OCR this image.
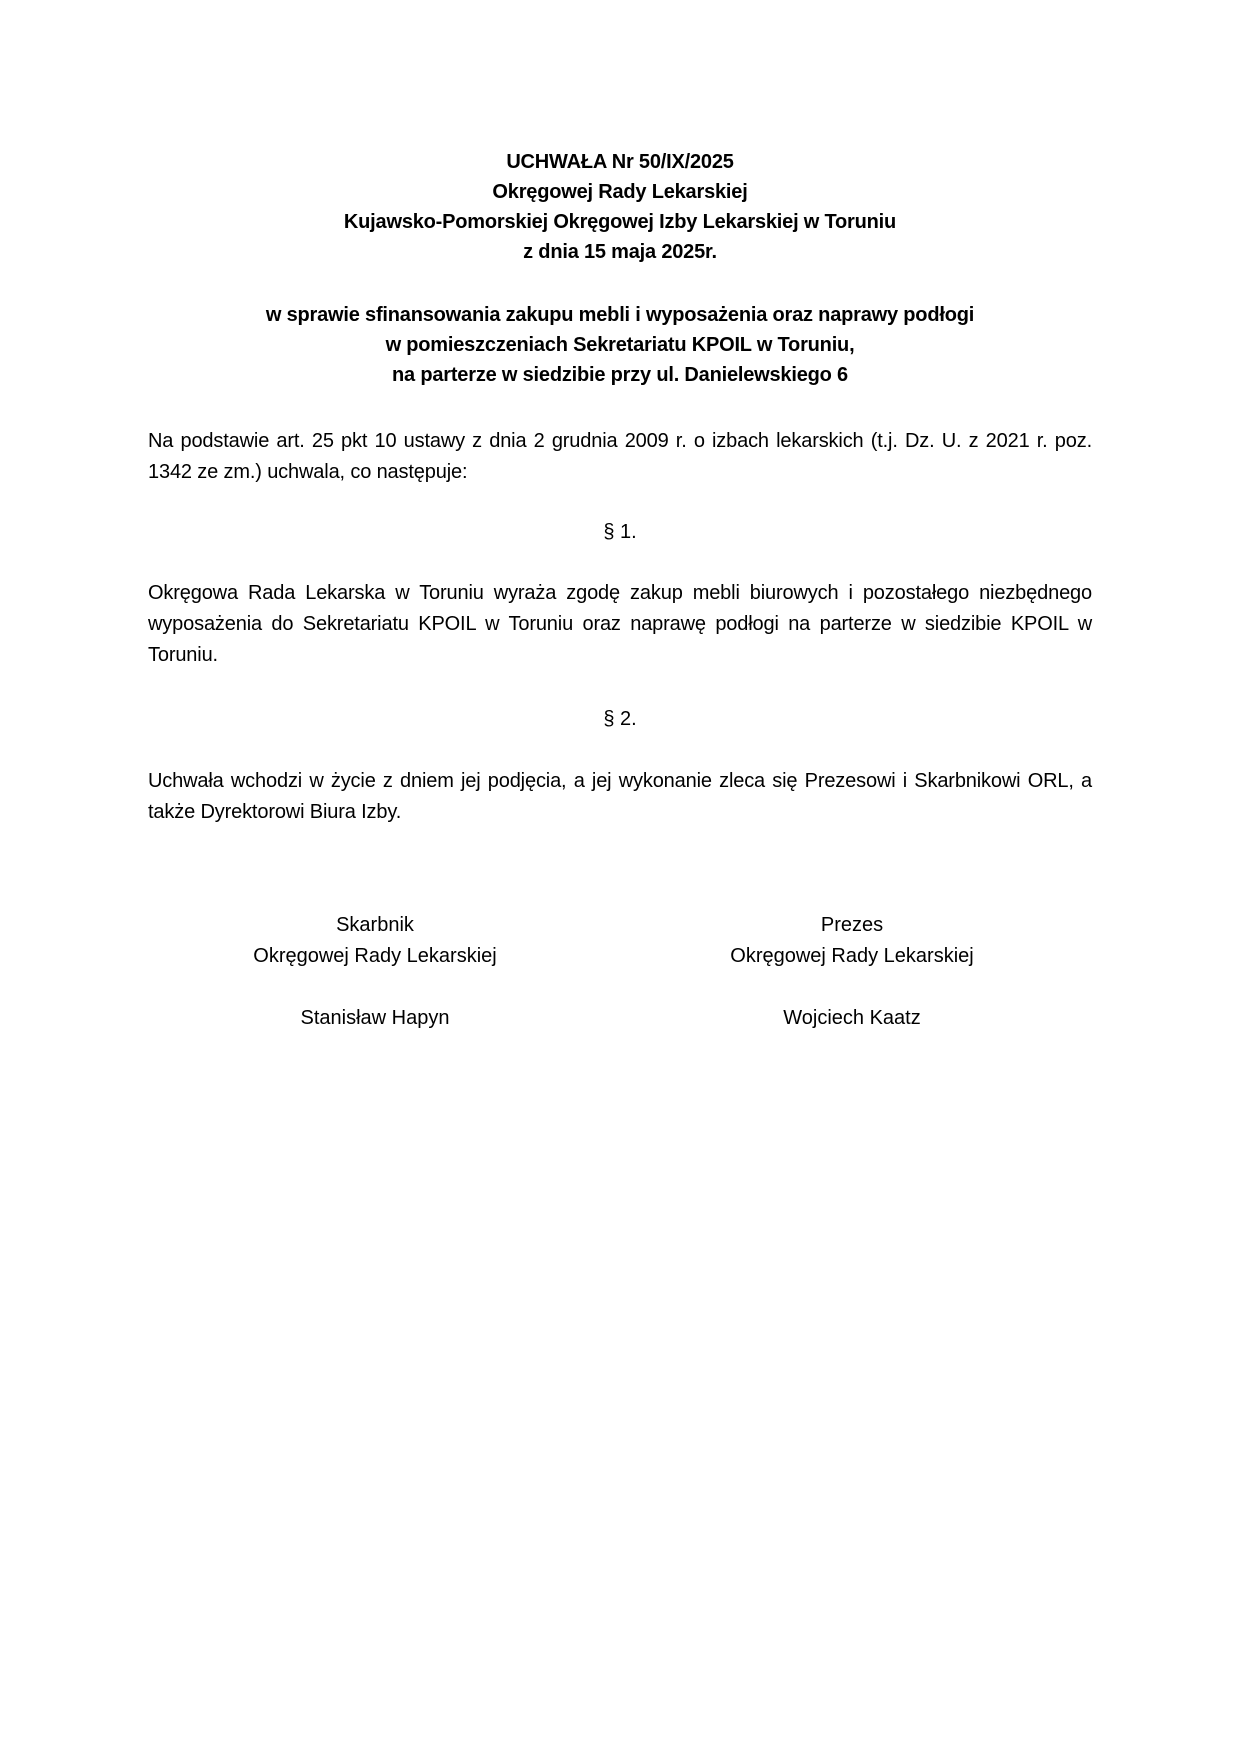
UCHWAŁA Nr 50/IX/2025
Okręgowej Rady Lekarskiej
Kujawsko-Pomorskiej Okręgowej Izby Lekarskiej w Toruniu
z dnia 15 maja 2025r.
w sprawie sfinansowania zakupu mebli i wyposażenia oraz naprawy podłogi
w pomieszczeniach Sekretariatu KPOIL w Toruniu,
na parterze w siedzibie przy ul. Danielewskiego 6
Na podstawie art. 25 pkt 10 ustawy z dnia 2 grudnia 2009 r. o izbach lekarskich (t.j. Dz. U. z 2021 r. poz. 1342 ze zm.) uchwala, co następuje:
§ 1.
Okręgowa Rada Lekarska w Toruniu wyraża zgodę zakup mebli biurowych i pozostałego niezbędnego wyposażenia do Sekretariatu KPOIL w Toruniu oraz naprawę podłogi na parterze w siedzibie KPOIL w Toruniu.
§ 2.
Uchwała wchodzi w życie z dniem jej podjęcia, a jej wykonanie zleca się Prezesowi i Skarbnikowi ORL, a także Dyrektorowi Biura Izby.
Skarbnik
Okręgowej Rady Lekarskiej
Stanisław Hapyn
Prezes
Okręgowej Rady Lekarskiej
Wojciech Kaatz
